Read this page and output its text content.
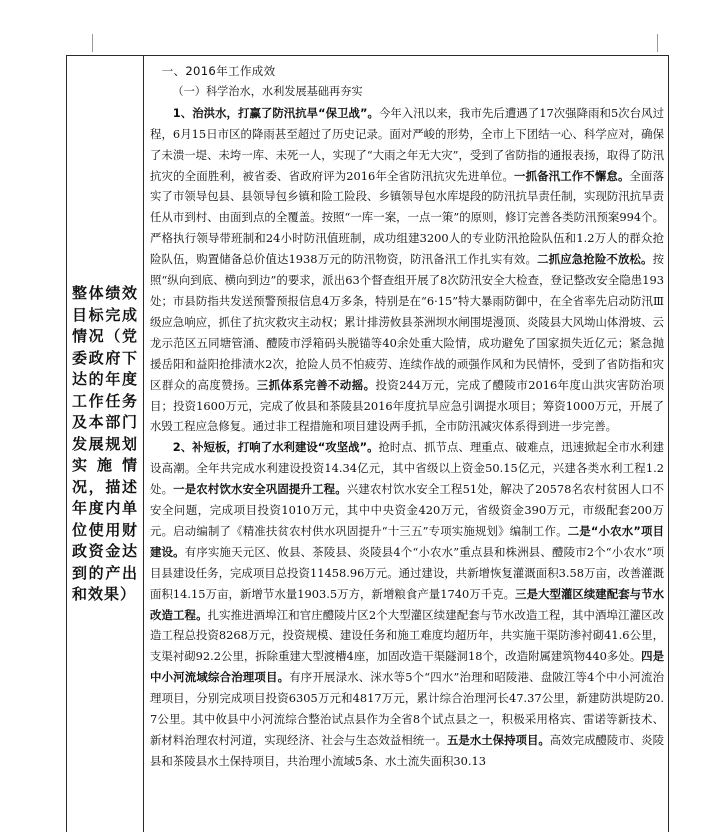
整体绩效目标完成情况（党委政府下达的年度工作任务及本部门发展规划实施情况，描述年度内单位使用财政资金达到的产出和效果）

一、2016年工作成效

（一）科学治水，水利发展基础再夯实

1、治洪水，打赢了防汛抗旱“保卫战”。今年入汛以来，我市先后遭遇了17次强降雨和5次台风过程，6月15日市区的降雨甚至超过了历史记录。面对严峻的形势，全市上下团结一心、科学应对，确保了未溃一堤、未垮一库、未死一人，实现了“大雨之年无大灾”，受到了省防指的通报表扬，取得了防汛抗灾的全面胜利，被省委、省政府评为2016年全省防汛抗灾先进单位。一抓备汛工作不懈怠。全面落实了市领导包县、县领导包乡镇和险工险段、乡镇领导包水库堤段的防汛抗旱责任制，实现防汛抗旱责任从市到村、由面到点的全覆盖。按照“一库一案，一点一策”的原则，修订完善各类防汛预案994个。严格执行领导带班制和24小时防汛值班制，成功组建3200人的专业防汛抢险队伍和1.2万人的群众抢险队伍，购置储备总价值达1938万元的防汛物资，防汛备汛工作扎实有效。二抓应急抢险不放松。按照“纵向到底、横向到边”的要求，派出63个督查组开展了8次防汛安全大检查，登记整改安全隐患193处；市县防指共发送预警预报信息4万多条，特别是在“6·15”特大暴雨防御中，在全省率先启动防汛Ⅲ级应急响应，抓住了抗灾救灾主动权；累计排涝攸县茶洲坝水闸围堤漫顶、炎陵县大风坳山体滑坡、云龙示范区五同塘管涌、醴陵市浮箱码头脱锚等40余处重大险情，成功避免了国家损失近亿元；紧急抛援岳阳和益阳抢排渍水2次，抢险人员不怕疲劳、连续作战的顽强作风和为民情怀，受到了省防指和灾区群众的高度赞扬。三抓体系完善不动摇。投资244万元，完成了醴陵市2016年度山洪灾害防治项目；投资1600万元，完成了攸县和茶陵县2016年度抗旱应急引调提水项目；筹资1000万元，开展了水毁工程应急修复。通过非工程措施和项目建设两手抓，全市防汛减灾体系得到进一步完善。

2、补短板，打响了水利建设“攻坚战”。抢时点、抓节点、理重点、破难点，迅速掀起全市水利建设高潮。全年共完成水利建设投资14.34亿元，其中省级以上资金50.15亿元，兴建各类水利工程1.2处。一是农村饮水安全巩固提升工程。兴建农村饮水安全工程51处，解决了20578名农村贫困人口不安全问题，完成项目投资1010万元，其中中央资金420万元，省级资金390万元，市级配套200万元。启动编制了《精准扶贫农村供水巩固提升“十三五”专项实施规划》编制工作。二是“小农水”项目建设。有序实施天元区、攸县、茶陵县、炎陵县4个“小农水”重点县和株洲县、醴陵市2个“小农水”项目县建设任务，完成项目总投资11458.96万元。通过建设，共新增恢复灌溉面积3.58万亩，改善灌溉面积14.15万亩，新增节水量1903.5万方，新增粮食产量1740万千克。三是大型灌区续建配套与节水改造工程。扎实推进酒埠江和官庄醴陵片区2个大型灌区续建配套与节水改造工程，其中酒埠江灌区改造工程总投资8268万元，投资规模、建设任务和施工难度均超历年，共实施干渠防渗衬砌41.6公里，支渠衬砌92.2公里，拆除重建大型渡槽4座，加固改造干渠隧洞18个，改造附属建筑物440多处。四是中小河流域综合治理项目。有序开展渌水、洣水等5个“四水”治理和昭陵港、盘陂江等4个中小河流治理项目，分别完成项目投资6305万元和4817万元，累计综合治理河长47.37公里，新建防洪堤防20.7公里。其中攸县中小河流综合整治试点县作为全省8个试点县之一，积极采用格宾、雷诺等新技术、新材料治理农村河道，实现经济、社会与生态效益相统一。五是水土保持项目。高效完成醴陵市、炎陵县和茶陵县水土保持项目，共治理小流域5条、水土流失面积30.13
